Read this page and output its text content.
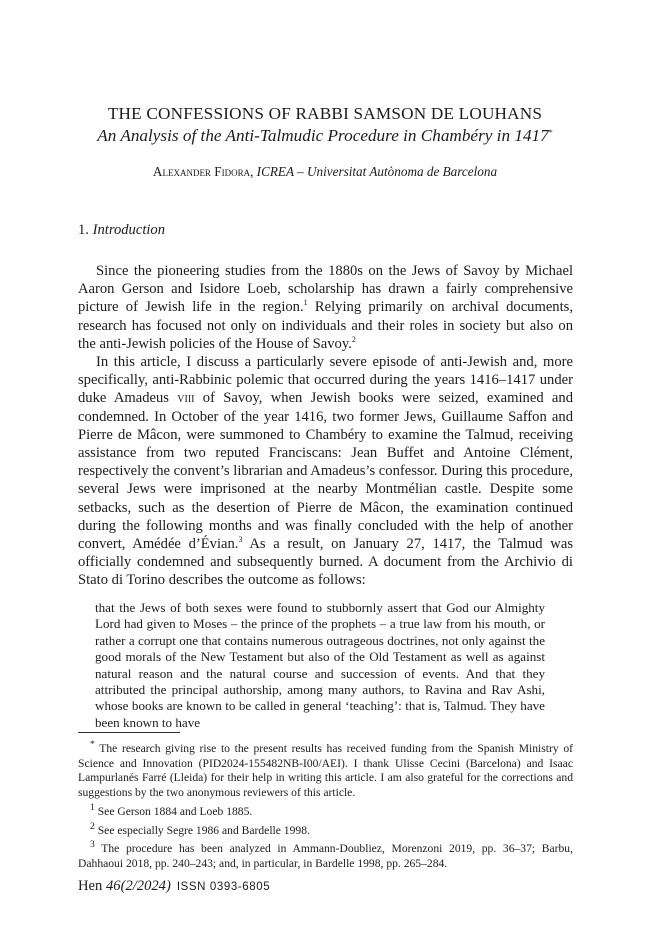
THE CONFESSIONS OF RABBI SAMSON DE LOUHANS
An Analysis of the Anti-Talmudic Procedure in Chambéry in 1417*
Alexander Fidora, ICREA – Universitat Autònoma de Barcelona
1. Introduction

Since the pioneering studies from the 1880s on the Jews of Savoy by Michael Aaron Gerson and Isidore Loeb, scholarship has drawn a fairly comprehensive picture of Jewish life in the region.$^1$ Relying primarily on archival documents, research has focused not only on individuals and their roles in society but also on the anti-Jewish policies of the House of Savoy.$^2$

In this article, I discuss a particularly severe episode of anti-Jewish and, more specifically, anti-Rabbinic polemic that occurred during the years 1416–1417 under duke Amadeus viii of Savoy, when Jewish books were seized, examined and condemned. In October of the year 1416, two former Jews, Guillaume Saffon and Pierre de Mâcon, were summoned to Chambéry to examine the Talmud, receiving assistance from two reputed Franciscans: Jean Buffet and Antoine Clément, respectively the convent’s librarian and Amadeus’s confessor. During this procedure, several Jews were imprisoned at the nearby Montmélian castle. Despite some setbacks, such as the desertion of Pierre de Mâcon, the examination continued during the following months and was finally concluded with the help of another convert, Amédée d’Évian.$^3$ As a result, on January 27, 1417, the Talmud was officially condemned and subsequently burned. A document from the Archivio di Stato di Torino describes the outcome as follows:

that the Jews of both sexes were found to stubbornly assert that God our Almighty Lord had given to Moses – the prince of the prophets – a true law from his mouth, or rather a corrupt one that contains numerous outrageous doctrines, not only against the good morals of the New Testament but also of the Old Testament as well as against natural reason and the natural course and succession of events. And that they attributed the principal authorship, among many authors, to Ravina and Rav Ashi, whose books are known to be called in general ‘teaching’: that is, Talmud. They have been known to have

* The research giving rise to the present results has received funding from the Spanish Ministry of Science and Innovation (PID2024-155482NB-I00/AEI). I thank Ulisse Cecini (Barcelona) and Isaac Lampurlanés Farré (Lleida) for their help in writing this article. I am also grateful for the corrections and suggestions by the two anonymous reviewers of this article.

$^1$ See Gerson 1884 and Loeb 1885.

$^2$ See especially Segre 1986 and Bardelle 1998.

$^3$ The procedure has been analyzed in Ammann-Doubliez, Morenzoni 2019, pp. 36–37; Barbu, Dahhaoui 2018, pp. 240–243; and, in particular, in Bardelle 1998, pp. 265–284.

Hen 46(2/2024) ISSN 0393-6805
